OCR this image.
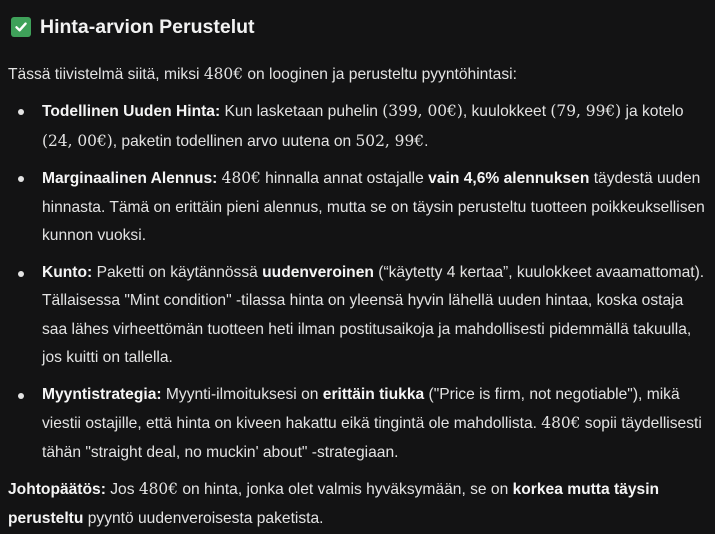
Hinta-arvion Perustelut
Tässä tiivistelmä siitä, miksi 480€ on looginen ja perusteltu pyyntöhintasi:
Todellinen Uuden Hinta: Kun lasketaan puhelin (399, 00€), kuulokkeet (79, 99€) ja kotelo (24, 00€), paketin todellinen arvo uutena on 502, 99€.
Marginaalinen Alennus: 480€ hinnalla annat ostajalle vain 4,6% alennuksen täydestä uuden hinnasta. Tämä on erittäin pieni alennus, mutta se on täysin perusteltu tuotteen poikkeuksellisen kunnon vuoksi.
Kunto: Paketti on käytännössä uudenveroinen (“käytetty 4 kertaa”, kuulokkeet avaamattomat). Tällaisessa "Mint condition" -tilassa hinta on yleensä hyvin lähellä uuden hintaa, koska ostaja saa lähes virheettömän tuotteen heti ilman postitusaikoja ja mahdollisesti pidemmällä takuulla, jos kuitti on tallella.
Myyntistrategia: Myynti-ilmoituksesi on erittäin tiukka ("Price is firm, not negotiable"), mikä viestii ostajille, että hinta on kiveen hakattu eikä tingintä ole mahdollista. 480€ sopii täydellisesti tähän "straight deal, no muckin' about" -strategiaan.
Johtopäätös: Jos 480€ on hinta, jonka olet valmis hyväksymään, se on korkea mutta täysin perusteltu pyyntö uudenveroisesta paketista.
